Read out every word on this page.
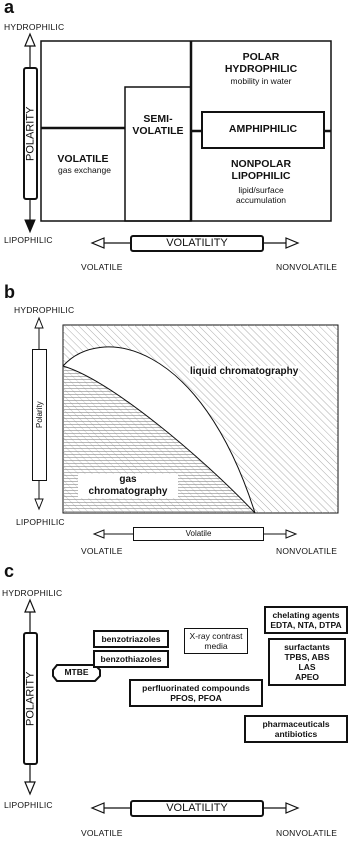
a
HYDROPHILIC
LIPOPHILIC
POLARITY
VOLATILITY
VOLATILE	NONVOLATILE
VOLATILE
gas exchange
SEMI-
VOLATILE
POLAR
HYDROPHILIC
mobility in water
AMPHIPHILIC
NONPOLAR
LIPOPHILIC
lipid/surface
accumulation
b
HYDROPHILIC
LIPOPHILIC
Polarity
Volatile
VOLATILE	NONVOLATILE
liquid chromatography
gas
chromatography
c
HYDROPHILIC
LIPOPHILIC
POLARITY
VOLATILITY
VOLATILE	NONVOLATILE
MTBE
chelating agents
EDTA, NTA, DTPA
benzotriazoles
benzothiazoles
X-ray contrast
media	surfactants
TPBS, ABS
LAS
APEO
perfluorinated compounds
PFOS, PFOA
pharmaceuticals
antibiotics
